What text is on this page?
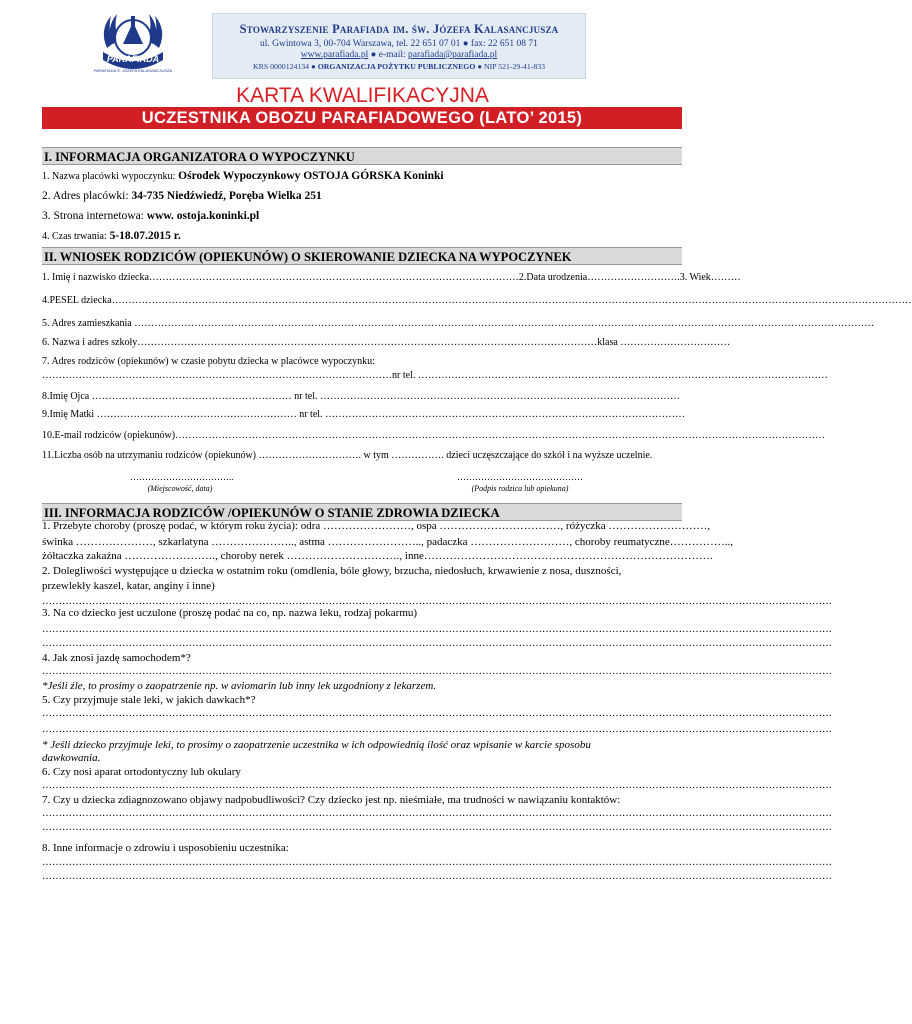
PARAFIADA
PARAFIADA Ś. JÓZEFA KALASANCJUSZA
Stowarzyszenie Parafiada im. św. Józefa Kalasancjusza
ul. Gwintowa 3, 00-704 Warszawa, tel. 22 651 07 01 ● fax: 22 651 08 71
www.parafiada.pl ● e-mail: parafiada@parafiada.pl
KRS 0000124134 ● ORGANIZACJA POŻYTKU PUBLICZNEGO ● NIP 521-29-41-833
KARTA KWALIFIKACYJNA
UCZESTNIKA OBOZU PARAFIADOWEGO (LATO’ 2015)
I. INFORMACJA ORGANIZATORA O WYPOCZYNKU
1. Nazwa placówki wypoczynku: Ośrodek Wypoczynkowy OSTOJA GÓRSKA Koninki
2. Adres placówki: 34-735 Niedźwiedź, Poręba Wielka 251
3. Strona internetowa: www. ostoja.koninki.pl
4. Czas trwania: 5-18.07.2015 r.
II. WNIOSEK RODZICÓW (OPIEKUNÓW) O SKIEROWANIE DZIECKA NA WYPOCZYNEK
1. Imię i nazwisko dziecka…………………………………………………………………………………………………2.Data urodzenia……………………….3. Wiek………
4.PESEL dziecka……………………………………………………………………………………………………………………………………………………………………………………………………………………
5. Adres zamieszkania ……………………………………………………………………………………………………………………………………………………………………………………………………
6. Nazwa i adres szkoły…………………………………………………………………………………………………………………………klasa ……………………………
7. Adres rodziców (opiekunów) w czasie pobytu dziecka w placówce wypoczynku:
……………………………………………………………………………………………nr tel. ……………………………………………………………………………………………………………
8.Imię Ojca …………………………………………………… nr tel. ………………………………………………………………………………………………
9.Imię Matki …………………………………………………… nr tel. ………………………………………………………………………………………………
10.E-mail rodziców (opiekunów)……………………………………………………………………………………………………………………………………………………………………………
11.Liczba osób na utrzymaniu rodziców (opiekunów) …………………………. w tym ……………. dzieci uczęszczające do szkół i na wyższe uczelnie.
……………………………..
(Miejscowość, data)
……………………………………
(Podpis rodzica lub opiekuna)
III. INFORMACJA RODZICÓW /OPIEKUNÓW O STANIE ZDROWIA DZIECKA
1. Przebyte choroby (proszę podać, w którym roku życia): odra ……………………, ospa ……………………………, różyczka ………………………,
świnka …………………, szkarlatyna ………………….., astma …………………….., padaczka ………………………, choroby reumatyczne……………..,
żółtaczka zakaźna ……………………., choroby nerek …………………………., inne…………………………………………………………………….
2. Dolegliwości występujące u dziecka w ostatnim roku (omdlenia, bóle głowy, brzucha, niedosłuch, krwawienie z nosa, duszności,
przewlekły kaszel, katar, anginy i inne)
…………………………………………………………………………………………………………………………………………………………………………………………………………………
3. Na co dziecko jest uczulone (proszę podać na co, np. nazwa leku, rodzaj pokarmu)
…………………………………………………………………………………………………………………………………………………………………………………………………………………
…………………………………………………………………………………………………………………………………………………………………………………………………………………
4. Jak znosi jazdę samochodem*?
…………………………………………………………………………………………………………………………………………………………………………………………………………………
*Jeśli źle, to prosimy o zaopatrzenie np. w aviomarin lub inny lek uzgodniony z lekarzem.
5. Czy przyjmuje stale leki, w jakich dawkach*?
…………………………………………………………………………………………………………………………………………………………………………………………………………………
…………………………………………………………………………………………………………………………………………………………………………………………………………………
* Jeśli dziecko przyjmuje leki, to prosimy o zaopatrzenie uczestnika w ich odpowiednią ilość oraz wpisanie w karcie sposobu
dawkowania.
6. Czy nosi aparat ortodontyczny lub okulary
…………………………………………………………………………………………………………………………………………………………………………………………………………………
7. Czy u dziecka zdiagnozowano objawy nadpobudliwości? Czy dziecko jest np. nieśmiałe, ma trudności w nawiązaniu kontaktów:
…………………………………………………………………………………………………………………………………………………………………………………………………………………
…………………………………………………………………………………………………………………………………………………………………………………………………………………
8. Inne informacje o zdrowiu i usposobieniu uczestnika:
…………………………………………………………………………………………………………………………………………………………………………………………………………………
…………………………………………………………………………………………………………………………………………………………………………………………………………………
